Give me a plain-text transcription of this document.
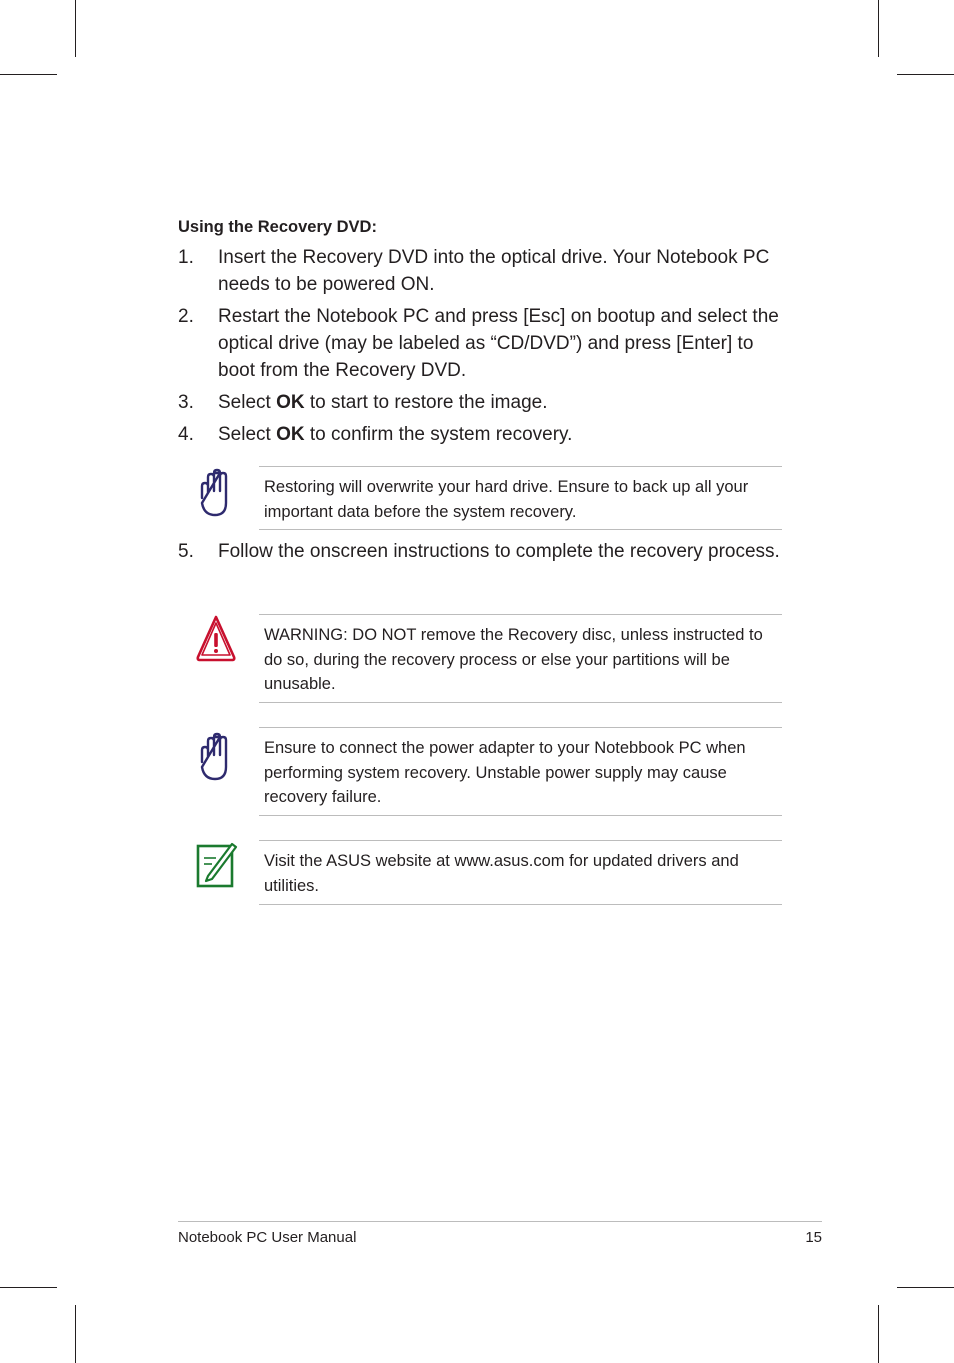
Using the Recovery DVD:
1. Insert the Recovery DVD into the optical drive. Your Notebook PC needs to be powered ON.
2. Restart the Notebook PC and press [Esc] on bootup and select the optical drive (may be labeled as “CD/DVD”) and press [Enter] to boot from the Recovery DVD.
3. Select OK to start to restore the image.
4. Select OK to confirm the system recovery.
Restoring will overwrite your hard drive. Ensure to back up all your important data before the system recovery.
5. Follow the onscreen instructions to complete the recovery process.
WARNING: DO NOT remove the Recovery disc, unless instructed to do so, during the recovery process or else your partitions will be unusable.
Ensure to connect the power adapter to your Notebbook PC when performing system recovery. Unstable power supply may cause recovery failure.
Visit the ASUS website at www.asus.com for updated drivers and utilities.
Notebook PC User Manual	15
